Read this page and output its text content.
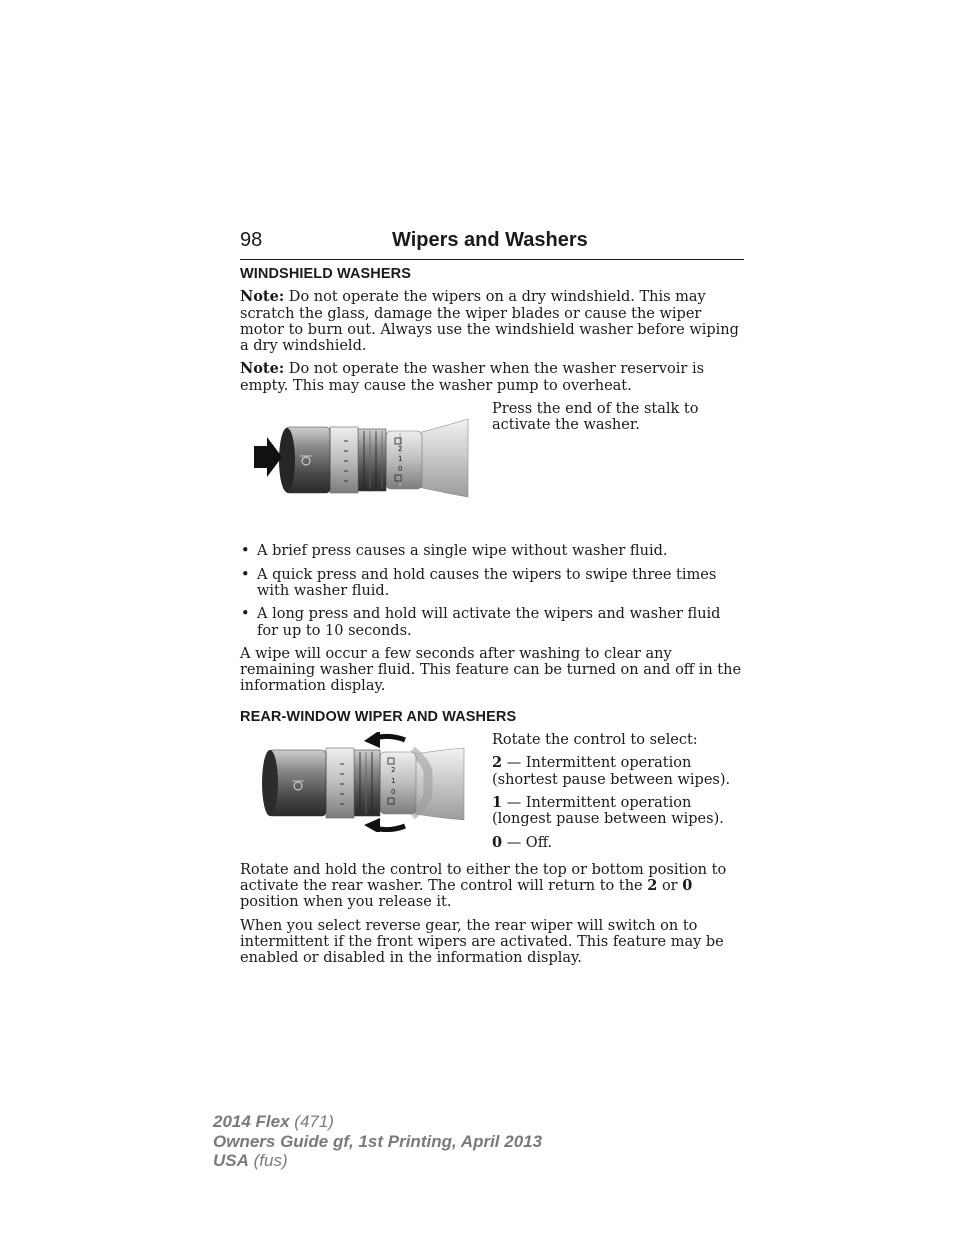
98	Wipers and Washers
WINDSHIELD WASHERS

Note: Do not operate the wipers on a dry windshield. This may scratch the glass, damage the wiper blades or cause the wiper motor to burn out. Always use the windshield washer before wiping a dry windshield.

Note: Do not operate the washer when the washer reservoir is empty. This may cause the washer pump to overheat.

2
1
0

Press the end of the stalk to activate the washer.

• A brief press causes a single wipe without washer fluid.
• A quick press and hold causes the wipers to swipe three times with washer fluid.
• A long press and hold will activate the wipers and washer fluid for up to 10 seconds.

A wipe will occur a few seconds after washing to clear any remaining washer fluid. This feature can be turned on and off in the information display.

REAR-WINDOW WIPER AND WASHERS
2
1
0

Rotate the control to select:

2 — Intermittent operation (shortest pause between wipes).

1 — Intermittent operation (longest pause between wipes).

0 — Off.

Rotate and hold the control to either the top or bottom position to activate the rear washer. The control will return to the 2 or 0 position when you release it.

When you select reverse gear, the rear wiper will switch on to intermittent if the front wipers are activated. This feature may be enabled or disabled in the information display.

2014 Flex (471)
Owners Guide gf, 1st Printing, April 2013
USA (fus)
